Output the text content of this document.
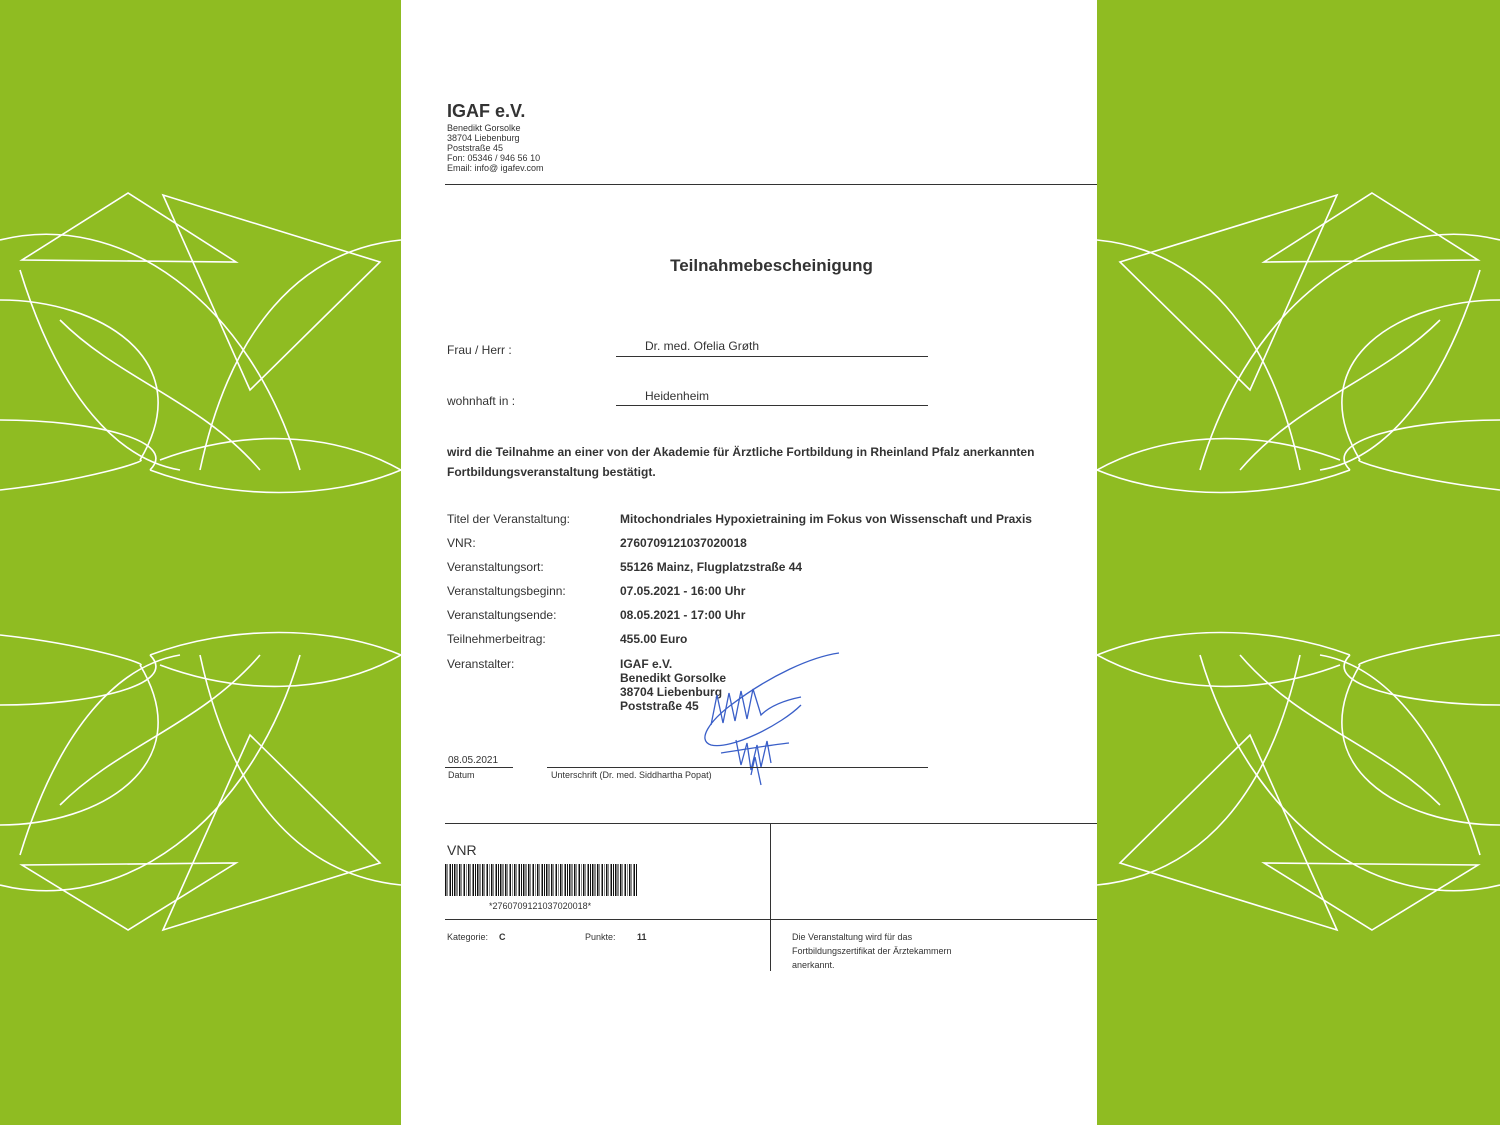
IGAF e.V.
Benedikt Gorsolke
38704 Liebenburg
Poststraße 45
Fon: 05346 / 946 56 10
Email: info@ igafev.com
Teilnahmebescheinigung
Frau / Herr :	Dr. med. Ofelia Grøth
wohnhaft in :	Heidenheim
wird die Teilnahme an einer von der Akademie für Ärztliche Fortbildung in Rheinland Pfalz anerkannten Fortbildungsveranstaltung bestätigt.
Titel der Veranstaltung:	Mitochondriales Hypoxietraining im Fokus von Wissenschaft und Praxis
VNR:	2760709121037020018
Veranstaltungsort:	55126 Mainz, Flugplatzstraße 44
Veranstaltungsbeginn:	07.05.2021 - 16:00 Uhr
Veranstaltungsende:	08.05.2021 - 17:00 Uhr
Teilnehmerbeitrag:	455.00 Euro
Veranstalter:	IGAF e.V.
Benedikt Gorsolke
38704 Liebenburg
Poststraße 45
08.05.2021
Datum	Unterschrift (Dr. med. Siddhartha Popat)
VNR
*2760709121037020018*
Kategorie: C	Punkte: 11	Die Veranstaltung wird für das
Fortbildungszertifikat der Ärztekammern
anerkannt.
